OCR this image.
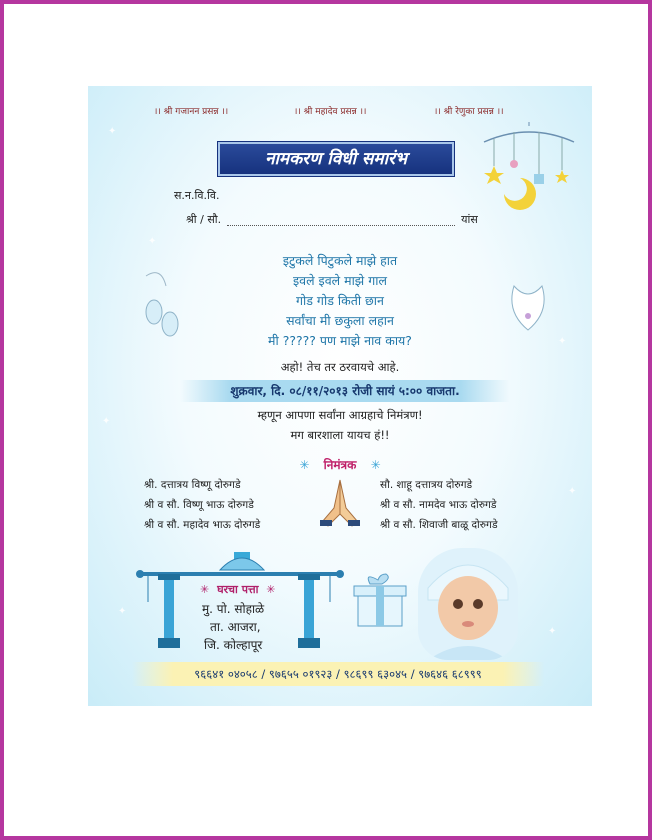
✦
✦
✦
✦
✦
✦
✦
।। श्री गजानन प्रसन्न ।।	।। श्री महादेव प्रसन्न ।।	।। श्री रेणुका प्रसन्न ।।
नामकरण विधी समारंभ
स.न.वि.वि.
श्री / सौ.	यांस
इटुकले पिटुकले माझे हात
इवले इवले माझे गाल
गोड गोड किती छान
सर्वांचा मी छकुला लहान
मी ????? पण माझे नाव काय?
अहो! तेच तर ठरवायचे आहे.
शुक्रवार, दि. ०८/११/२०१३ रोजी सायं ५:०० वाजता.
म्हणून आपणा सर्वांना आग्रहाचे निमंत्रण!
मग बारशाला यायच हं!!
✳ निमंत्रक ✳
श्री. दत्तात्रय विष्णू दोरुगडे
श्री व सौ. विष्णू भाऊ दोरुगडे
श्री व सौ. महादेव भाऊ दोरुगडे
सौ. शाहू दत्तात्रय दोरुगडे
श्री व सौ. नामदेव भाऊ दोरुगडे
श्री व सौ. शिवाजी बाळू दोरुगडे
✳ घरचा पत्ता ✳
मु. पो. सोहाळे
ता. आजरा,
जि. कोल्हापूर
९६६४१ ०४०५८ / ९७६५५ ०१९२३ / ९८६९९ ६३०४५ / ९७६४६ ६८९९९
